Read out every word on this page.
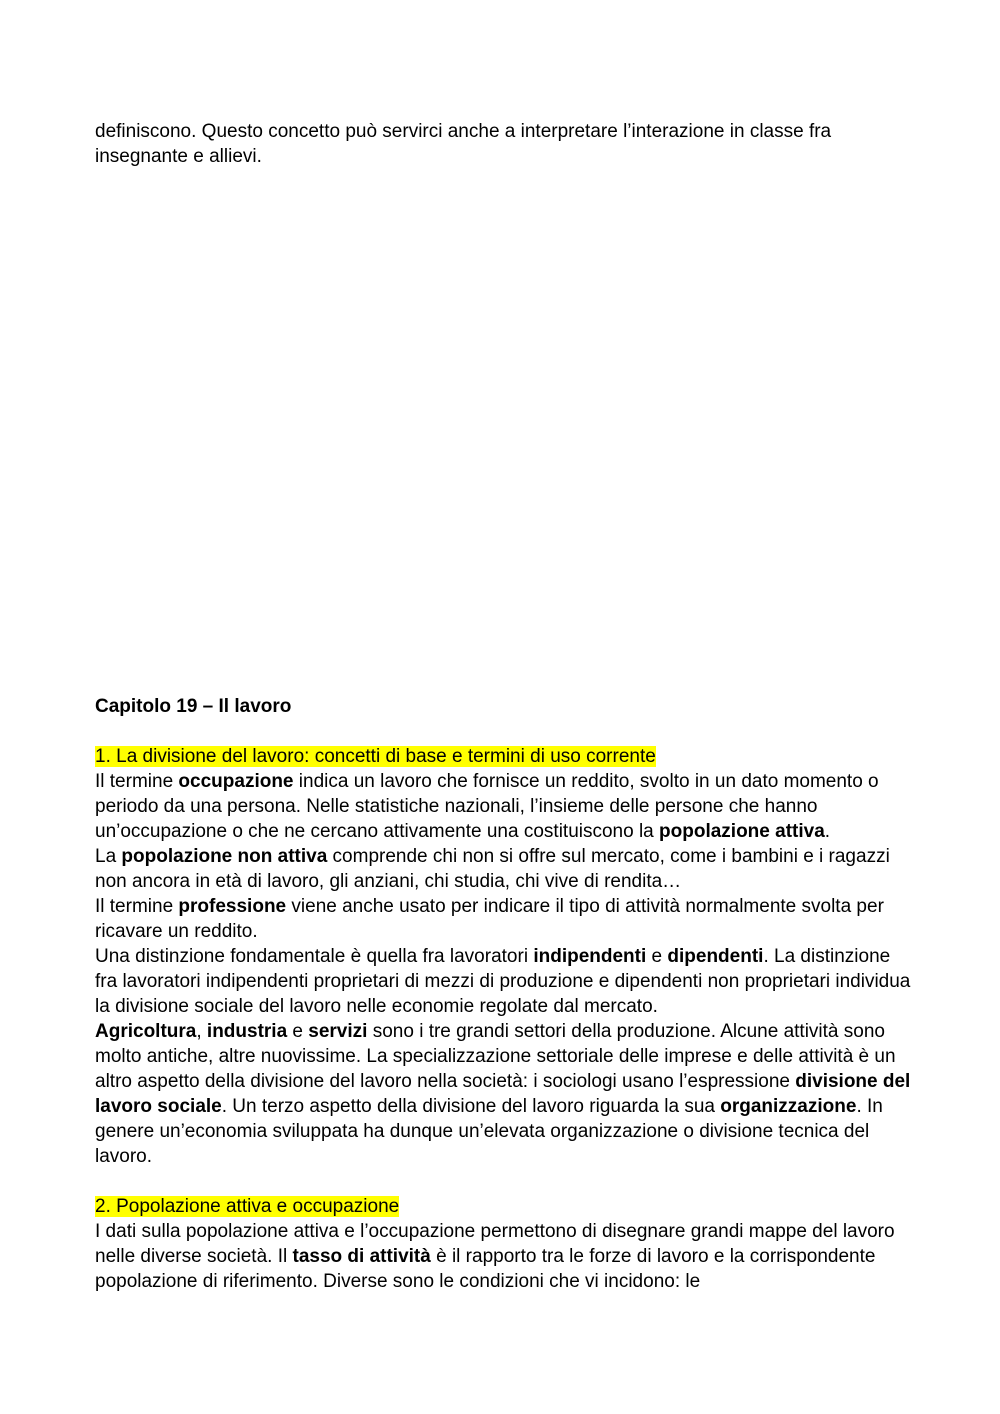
definiscono. Questo concetto può servirci anche a interpretare l’interazione in classe fra
insegnante e allievi.

Capitolo 19 – Il lavoro

1. La divisione del lavoro: concetti di base e termini di uso corrente

Il termine occupazione indica un lavoro che fornisce un reddito, svolto in un dato momento o periodo da una persona. Nelle statistiche nazionali, l’insieme delle persone che hanno un’occupazione o che ne cercano attivamente una costituiscono la popolazione attiva.

La popolazione non attiva comprende chi non si offre sul mercato, come i bambini e i ragazzi non ancora in età di lavoro, gli anziani, chi studia, chi vive di rendita…

Il termine professione viene anche usato per indicare il tipo di attività normalmente svolta per ricavare un reddito.

Una distinzione fondamentale è quella fra lavoratori indipendenti e dipendenti. La distinzione fra lavoratori indipendenti proprietari di mezzi di produzione e dipendenti non proprietari individua la divisione sociale del lavoro nelle economie regolate dal mercato.

Agricoltura, industria e servizi sono i tre grandi settori della produzione. Alcune attività sono molto antiche, altre nuovissime. La specializzazione settoriale delle imprese e delle attività è un altro aspetto della divisione del lavoro nella società: i sociologi usano l’espressione divisione del lavoro sociale. Un terzo aspetto della divisione del lavoro riguarda la sua organizzazione. In genere un’economia sviluppata ha dunque un’elevata organizzazione o divisione tecnica del lavoro.

2. Popolazione attiva e occupazione

I dati sulla popolazione attiva e l’occupazione permettono di disegnare grandi mappe del lavoro nelle diverse società. Il tasso di attività è il rapporto tra le forze di lavoro e la corrispondente popolazione di riferimento. Diverse sono le condizioni che vi incidono: le
